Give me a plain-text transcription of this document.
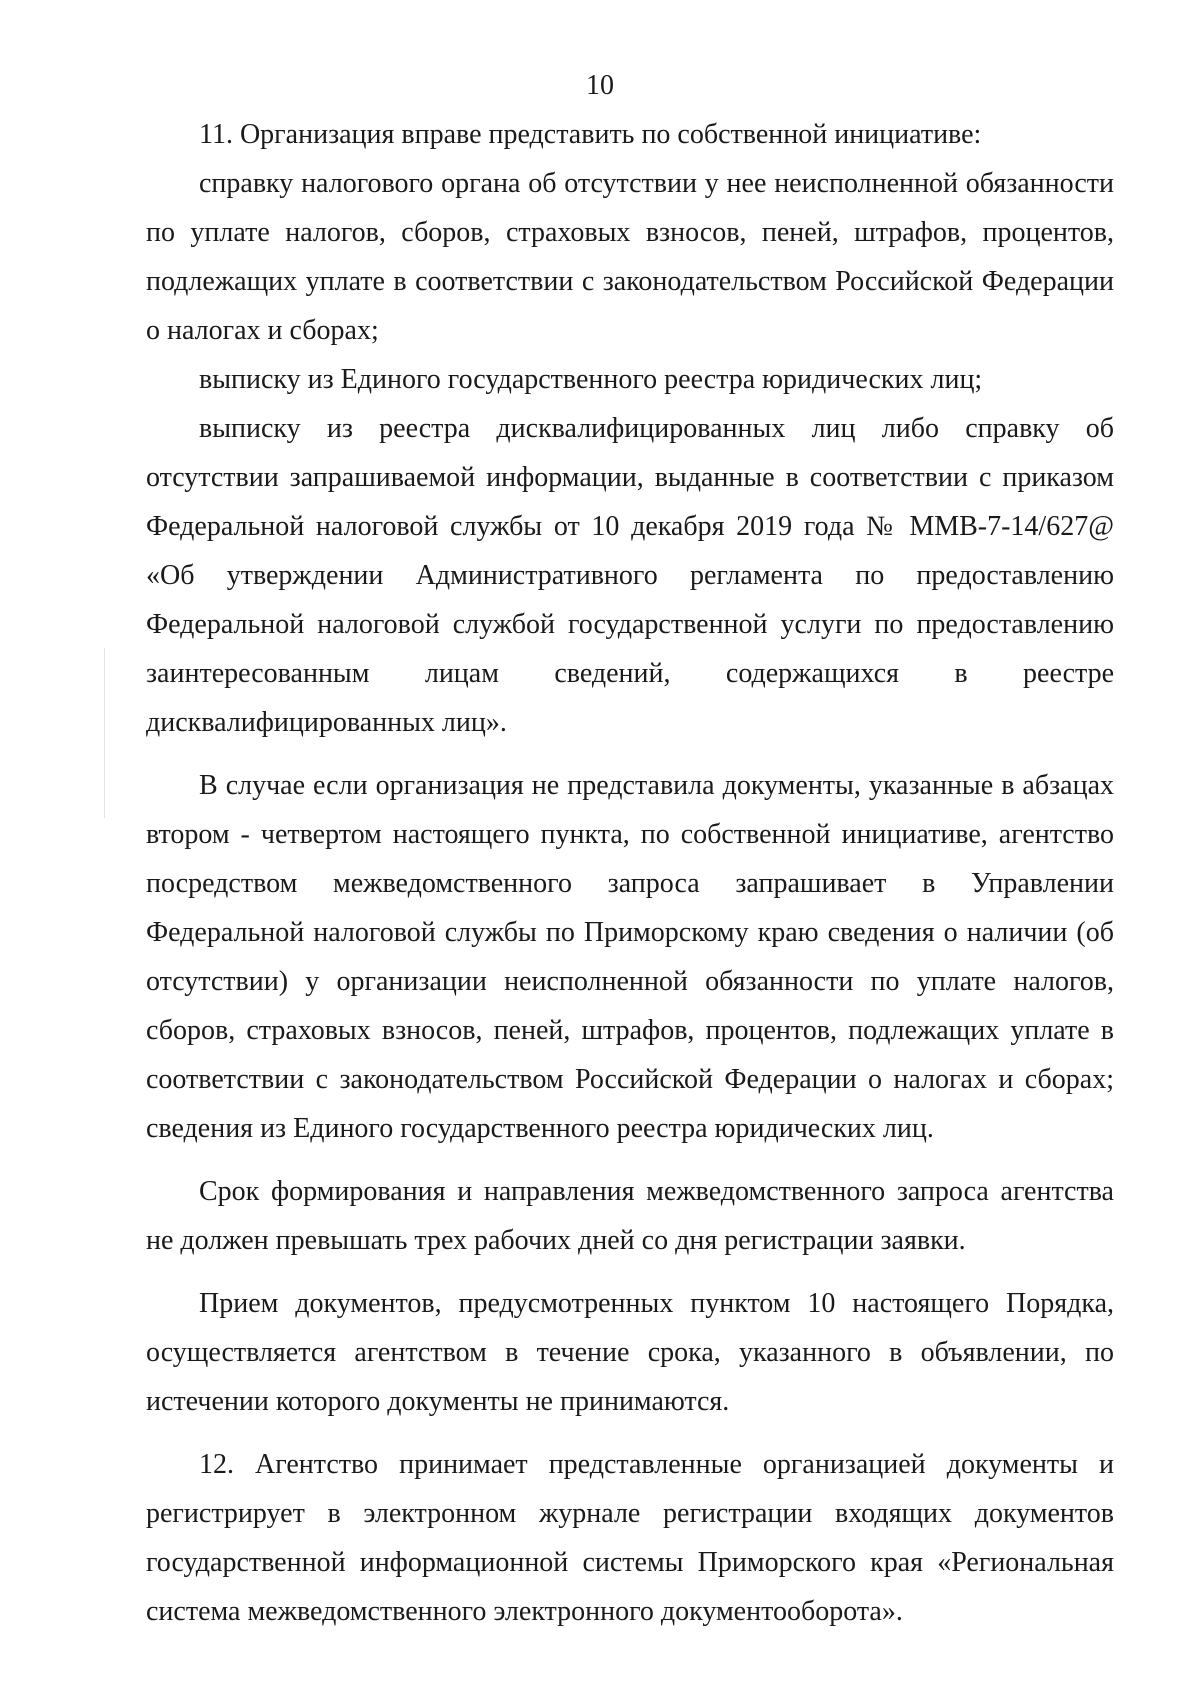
10

11. Организация вправе представить по собственной инициативе:

справку налогового органа об отсутствии у нее неисполненной обязанности по уплате налогов, сборов, страховых взносов, пеней, штрафов, процентов, подлежащих уплате в соответствии с законодательством Российской Федерации о налогах и сборах;

выписку из Единого государственного реестра юридических лиц;

выписку из реестра дисквалифицированных лиц либо справку об отсутствии запрашиваемой информации, выданные в соответствии с приказом Федеральной налоговой службы от 10 декабря 2019 года № ММВ-7-14/627@ «Об утверждении Административного регламента по предоставлению Федеральной налоговой службой государственной услуги по предоставлению заинтересованным лицам сведений, содержащихся в реестре дисквалифицированных лиц».

В случае если организация не представила документы, указанные в абзацах втором - четвертом настоящего пункта, по собственной инициативе, агентство посредством межведомственного запроса запрашивает в Управлении Федеральной налоговой службы по Приморскому краю сведения о наличии (об отсутствии) у организации неисполненной обязанности по уплате налогов, сборов, страховых взносов, пеней, штрафов, процентов, подлежащих уплате в соответствии с законодательством Российской Федерации о налогах и сборах; сведения из Единого государственного реестра юридических лиц.

Срок формирования и направления межведомственного запроса агентства не должен превышать трех рабочих дней со дня регистрации заявки.

Прием документов, предусмотренных пунктом 10 настоящего Порядка, осуществляется агентством в течение срока, указанного в объявлении, по истечении которого документы не принимаются.

12. Агентство принимает представленные организацией документы и регистрирует в электронном журнале регистрации входящих документов государственной информационной системы Приморского края «Региональная система межведомственного электронного документооборота».
